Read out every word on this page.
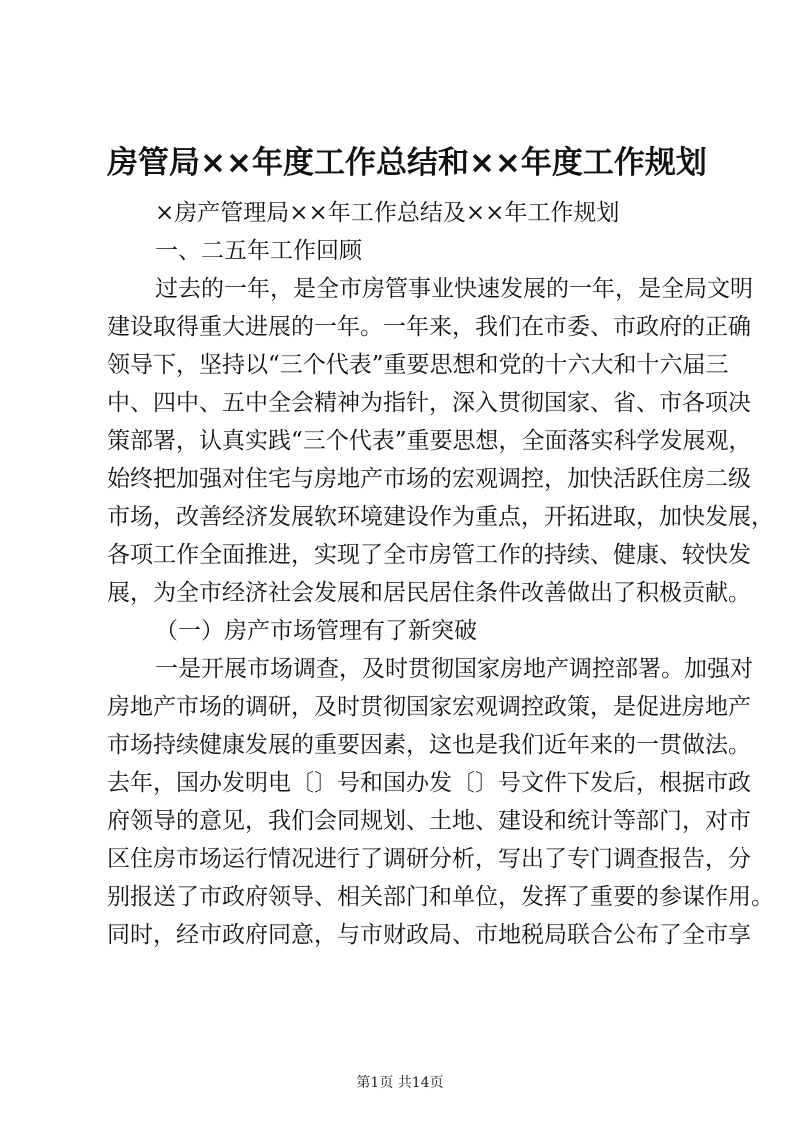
房管局××年度工作总结和××年度工作规划
×房产管理局××年工作总结及××年工作规划
一、二五年工作回顾
过去的一年，是全市房管事业快速发展的一年，是全局文明
建设取得重大进展的一年。一年来，我们在市委、市政府的正确
领导下，坚持以“三个代表”重要思想和党的十六大和十六届三
中、四中、五中全会精神为指针，深入贯彻国家、省、市各项决
策部署，认真实践“三个代表”重要思想，全面落实科学发展观，
始终把加强对住宅与房地产市场的宏观调控，加快活跃住房二级
市场，改善经济发展软环境建设作为重点，开拓进取，加快发展，
各项工作全面推进，实现了全市房管工作的持续、健康、较快发
展，为全市经济社会发展和居民居住条件改善做出了积极贡献。
（一）房产市场管理有了新突破
一是开展市场调查，及时贯彻国家房地产调控部署。加强对
房地产市场的调研，及时贯彻国家宏观调控政策，是促进房地产
市场持续健康发展的重要因素，这也是我们近年来的一贯做法。
去年，国办发明电〔〕号和国办发〔〕号文件下发后，根据市政
府领导的意见，我们会同规划、土地、建设和统计等部门，对市
区住房市场运行情况进行了调研分析，写出了专门调查报告，分
别报送了市政府领导、相关部门和单位，发挥了重要的参谋作用。
同时，经市政府同意，与市财政局、市地税局联合公布了全市享
第1页 共14页
